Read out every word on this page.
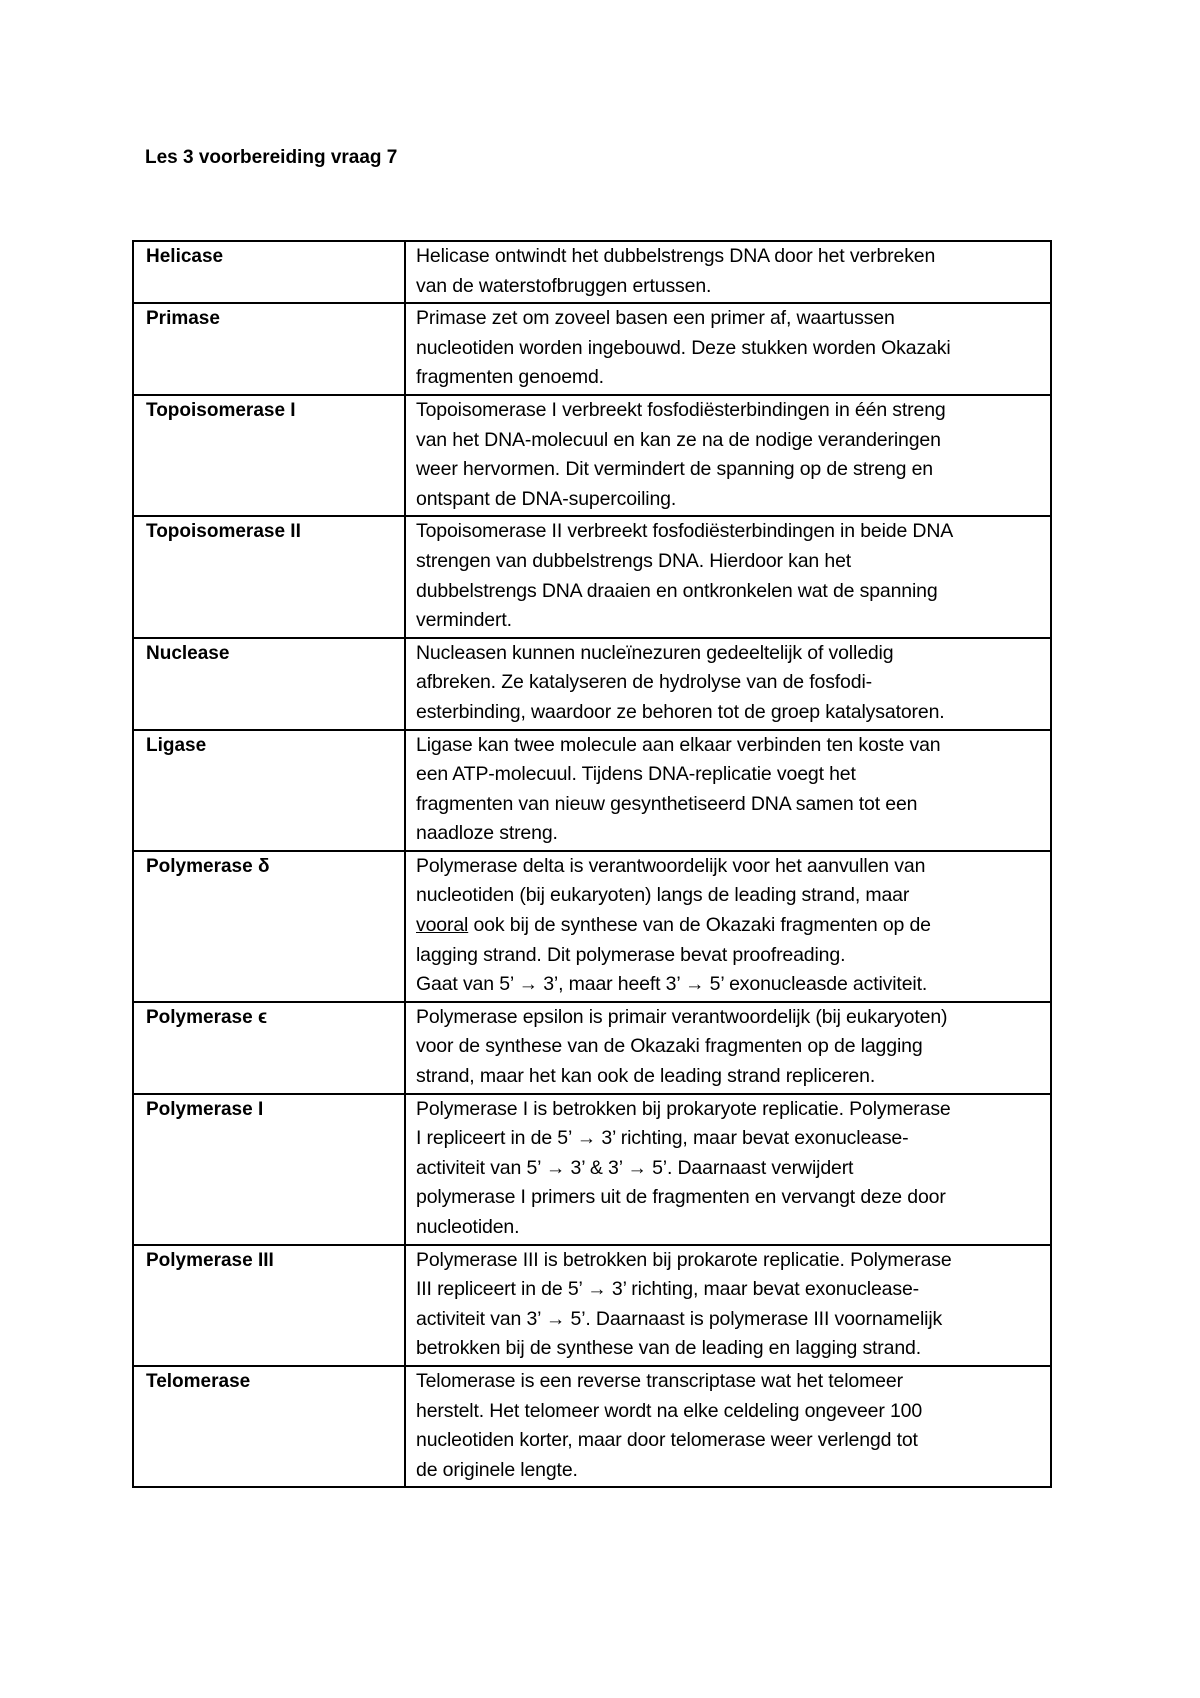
Les 3 voorbereiding vraag 7
Helicase	Helicase ontwindt het dubbelstrengs DNA door het verbreken
van de waterstofbruggen ertussen.

Primase	Primase zet om zoveel basen een primer af, waartussen
nucleotiden worden ingebouwd. Deze stukken worden Okazaki
fragmenten genoemd.

Topoisomerase I	Topoisomerase I verbreekt fosfodiësterbindingen in één streng
van het DNA-molecuul en kan ze na de nodige veranderingen
weer hervormen. Dit vermindert de spanning op de streng en
ontspant de DNA-supercoiling.

Topoisomerase II	Topoisomerase II verbreekt fosfodiësterbindingen in beide DNA
strengen van dubbelstrengs DNA. Hierdoor kan het
dubbelstrengs DNA draaien en ontkronkelen wat de spanning
vermindert.

Nuclease	Nucleasen kunnen nucleïnezuren gedeeltelijk of volledig
afbreken. Ze katalyseren de hydrolyse van de fosfodi-
esterbinding, waardoor ze behoren tot de groep katalysatoren.

Ligase	Ligase kan twee molecule aan elkaar verbinden ten koste van
een ATP-molecuul. Tijdens DNA-replicatie voegt het
fragmenten van nieuw gesynthetiseerd DNA samen tot een
naadloze streng.

Polymerase δ	Polymerase delta is verantwoordelijk voor het aanvullen van
nucleotiden (bij eukaryoten) langs de leading strand, maar
vooral ook bij de synthese van de Okazaki fragmenten op de
lagging strand. Dit polymerase bevat proofreading.
Gaat van 5’ → 3’, maar heeft 3’ → 5’ exonucleasde activiteit.

Polymerase ϵ	Polymerase epsilon is primair verantwoordelijk (bij eukaryoten)
voor de synthese van de Okazaki fragmenten op de lagging
strand, maar het kan ook de leading strand repliceren.

Polymerase I	Polymerase I is betrokken bij prokaryote replicatie. Polymerase
I repliceert in de 5’ → 3’ richting, maar bevat exonuclease-
activiteit van 5’ → 3’ & 3’ → 5’. Daarnaast verwijdert
polymerase I primers uit de fragmenten en vervangt deze door
nucleotiden.

Polymerase III	Polymerase III is betrokken bij prokarote replicatie. Polymerase
III repliceert in de 5’ → 3’ richting, maar bevat exonuclease-
activiteit van 3’ → 5’. Daarnaast is polymerase III voornamelijk
betrokken bij de synthese van de leading en lagging strand.

Telomerase	Telomerase is een reverse transcriptase wat het telomeer
herstelt. Het telomeer wordt na elke celdeling ongeveer 100
nucleotiden korter, maar door telomerase weer verlengd tot
de originele lengte.
